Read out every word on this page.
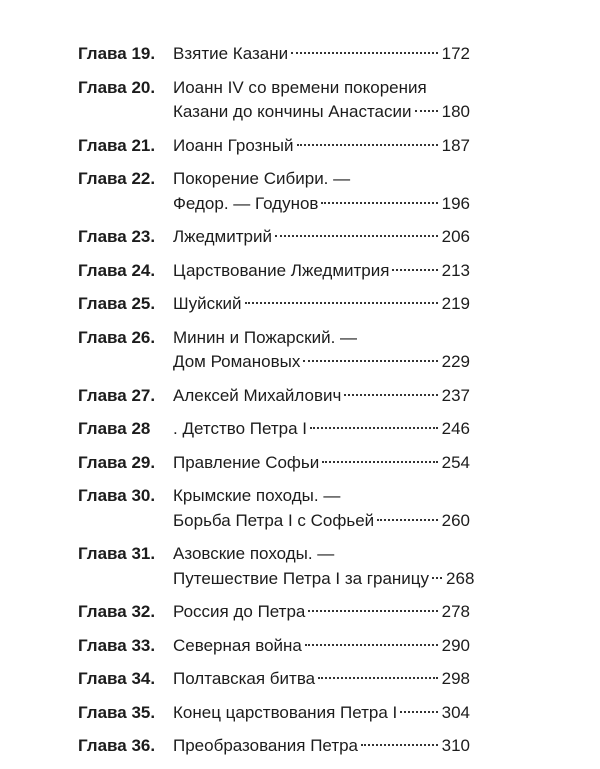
Глава 19.	Взятие Казани	172
Глава 20.	Иоанн IV со времени покорения
Казани до кончины Анастасии 180
Глава 21.	Иоанн Грозный	187
Глава 22.	Покорение Сибири. —
Федор. — Годунов	196
Глава 23.	Лжедмитрий	206
Глава 24.	Царствование Лжедмитрия	213
Глава 25.	Шуйский	219
Глава 26.	Минин и Пожарский. —
Дом Романовых	229
Глава 27.	Алексей Михайлович	237
Глава 28	. Детство Петра I	246
Глава 29.	Правление Софьи	254
Глава 30.	Крымские походы. —
Борьба Петра I с Софьей	260
Глава 31.	Азовские походы. —
Путешествие Петра I за границу 268
Глава 32.	Россия до Петра	278
Глава 33.	Северная война	290
Глава 34.	Полтавская битва	298
Глава 35.	Конец царствования Петра I	304
Глава 36.	Преобразования Петра	310
